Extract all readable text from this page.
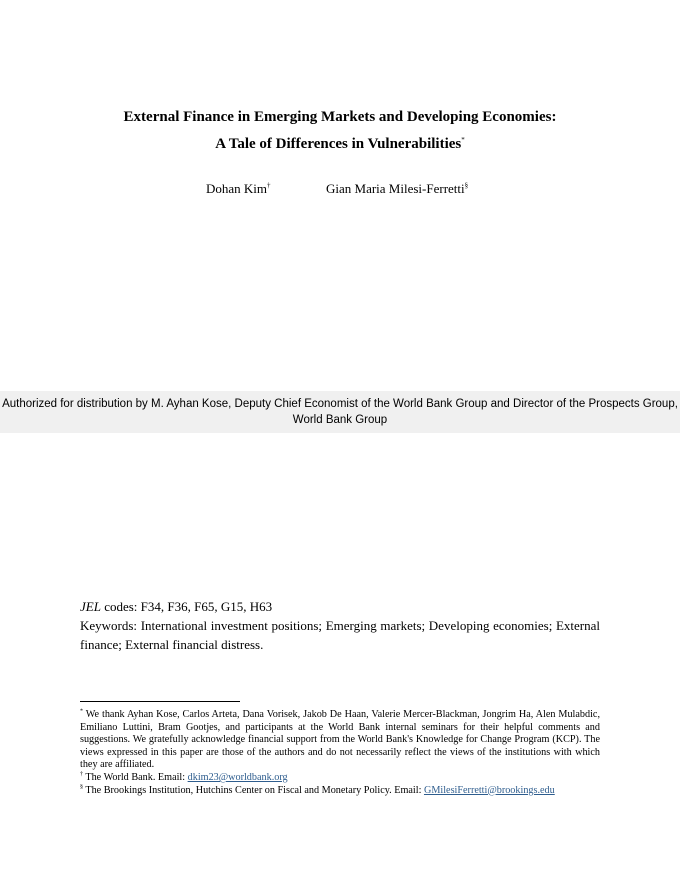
External Finance in Emerging Markets and Developing Economies:
A Tale of Differences in Vulnerabilities*
Dohan Kim†	Gian Maria Milesi-Ferretti§
Authorized for distribution by M. Ayhan Kose, Deputy Chief Economist of the World Bank Group and Director of the Prospects Group,
World Bank Group
JEL codes: F34, F36, F65, G15, H63
Keywords: International investment positions; Emerging markets; Developing economies; External finance; External financial distress.
* We thank Ayhan Kose, Carlos Arteta, Dana Vorisek, Jakob De Haan, Valerie Mercer-Blackman, Jongrim Ha, Alen Mulabdic, Emiliano Luttini, Bram Gootjes, and participants at the World Bank internal seminars for their helpful comments and suggestions. We gratefully acknowledge financial support from the World Bank's Knowledge for Change Program (KCP). The views expressed in this paper are those of the authors and do not necessarily reflect the views of the institutions with which they are affiliated.
† The World Bank. Email: dkim23@worldbank.org
§ The Brookings Institution, Hutchins Center on Fiscal and Monetary Policy. Email: GMilesiFerretti@brookings.edu
